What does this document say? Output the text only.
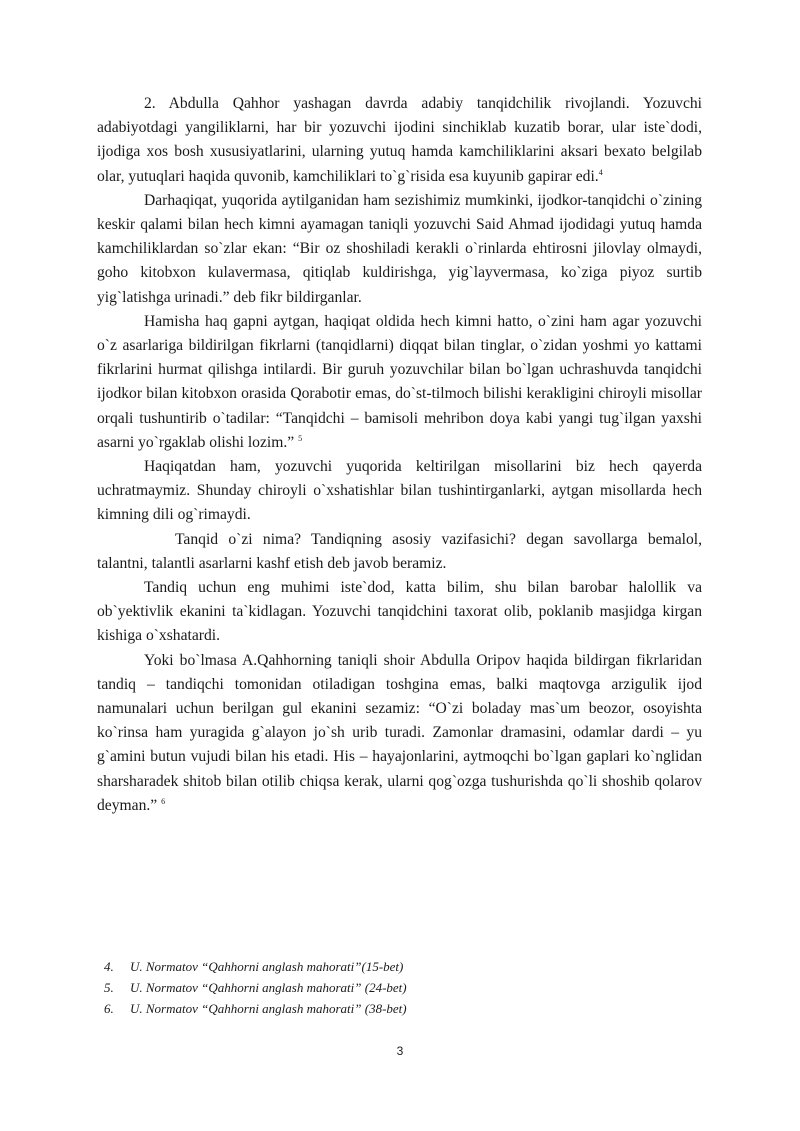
2. Abdulla Qahhor yashagan davrda adabiy tanqidchilik rivojlandi. Yozuvchi adabiyotdagi yangiliklarni, har bir yozuvchi ijodini sinchiklab kuzatib borar, ular iste`dodi, ijodiga xos bosh xususiyatlarini, ularning yutuq hamda kamchiliklarini aksari bexato belgilab olar, yutuqlari haqida quvonib, kamchiliklari to`g`risida esa kuyunib gapirar edi.$^4$

Darhaqiqat, yuqorida aytilganidan ham sezishimiz mumkinki, ijodkor-tanqidchi o`zining keskir qalami bilan hech kimni ayamagan taniqli yozuvchi Said Ahmad ijodidagi yutuq hamda kamchiliklardan so`zlar ekan: “Bir oz shoshiladi kerakli o`rinlarda ehtirosni jilovlay olmaydi, goho kitobxon kulavermasa, qitiqlab kuldirishga, yig`layvermasa, ko`ziga piyoz surtib yig`latishga urinadi.” deb fikr bildirganlar.

Hamisha haq gapni aytgan, haqiqat oldida hech kimni hatto, o`zini ham agar yozuvchi o`z asarlariga bildirilgan fikrlarni (tanqidlarni) diqqat bilan tinglar, o`zidan yoshmi yo kattami fikrlarini hurmat qilishga intilardi. Bir guruh yozuvchilar bilan bo`lgan uchrashuvda tanqidchi ijodkor bilan kitobxon orasida Qorabotir emas, do`st-tilmoch bilishi kerakligini chiroyli misollar orqali tushuntirib o`tadilar: “Tanqidchi – bamisoli mehribon doya kabi yangi tug`ilgan yaxshi asarni yo`rgaklab olishi lozim.” $^5$

Haqiqatdan ham, yozuvchi yuqorida keltirilgan misollarini biz hech qayerda uchratmaymiz. Shunday chiroyli o`xshatishlar bilan tushintirganlarki, aytgan misollarda hech kimning dili og`rimaydi.

Tanqid o`zi nima? Tandiqning asosiy vazifasichi? degan savollarga bemalol, talantni, talantli asarlarni kashf etish deb javob beramiz.

Tandiq uchun eng muhimi iste`dod, katta bilim, shu bilan barobar halollik va ob`yektivlik ekanini ta`kidlagan. Yozuvchi tanqidchini taxorat olib, poklanib masjidga kirgan kishiga o`xshatardi.

Yoki bo`lmasa A.Qahhorning taniqli shoir Abdulla Oripov haqida bildirgan fikrlaridan tandiq – tandiqchi tomonidan otiladigan toshgina emas, balki maqtovga arzigulik ijod namunalari uchun berilgan gul ekanini sezamiz: “O`zi boladay mas`um beozor, osoyishta ko`rinsa ham yuragida g`alayon jo`sh urib turadi. Zamonlar dramasini, odamlar dardi – yu g`amini butun vujudi bilan his etadi. His – hayajonlarini, aytmoqchi bo`lgan gaplari ko`nglidan sharsharadek shitob bilan otilib chiqsa kerak, ularni qog`ozga tushurishda qo`li shoshib qolarov deyman.” $^6$

4.	U. Normatov “Qahhorni anglash mahorati”(15-bet)
5.	U. Normatov “Qahhorni anglash mahorati” (24-bet)
6.	U. Normatov “Qahhorni anglash mahorati” (38-bet)
3
